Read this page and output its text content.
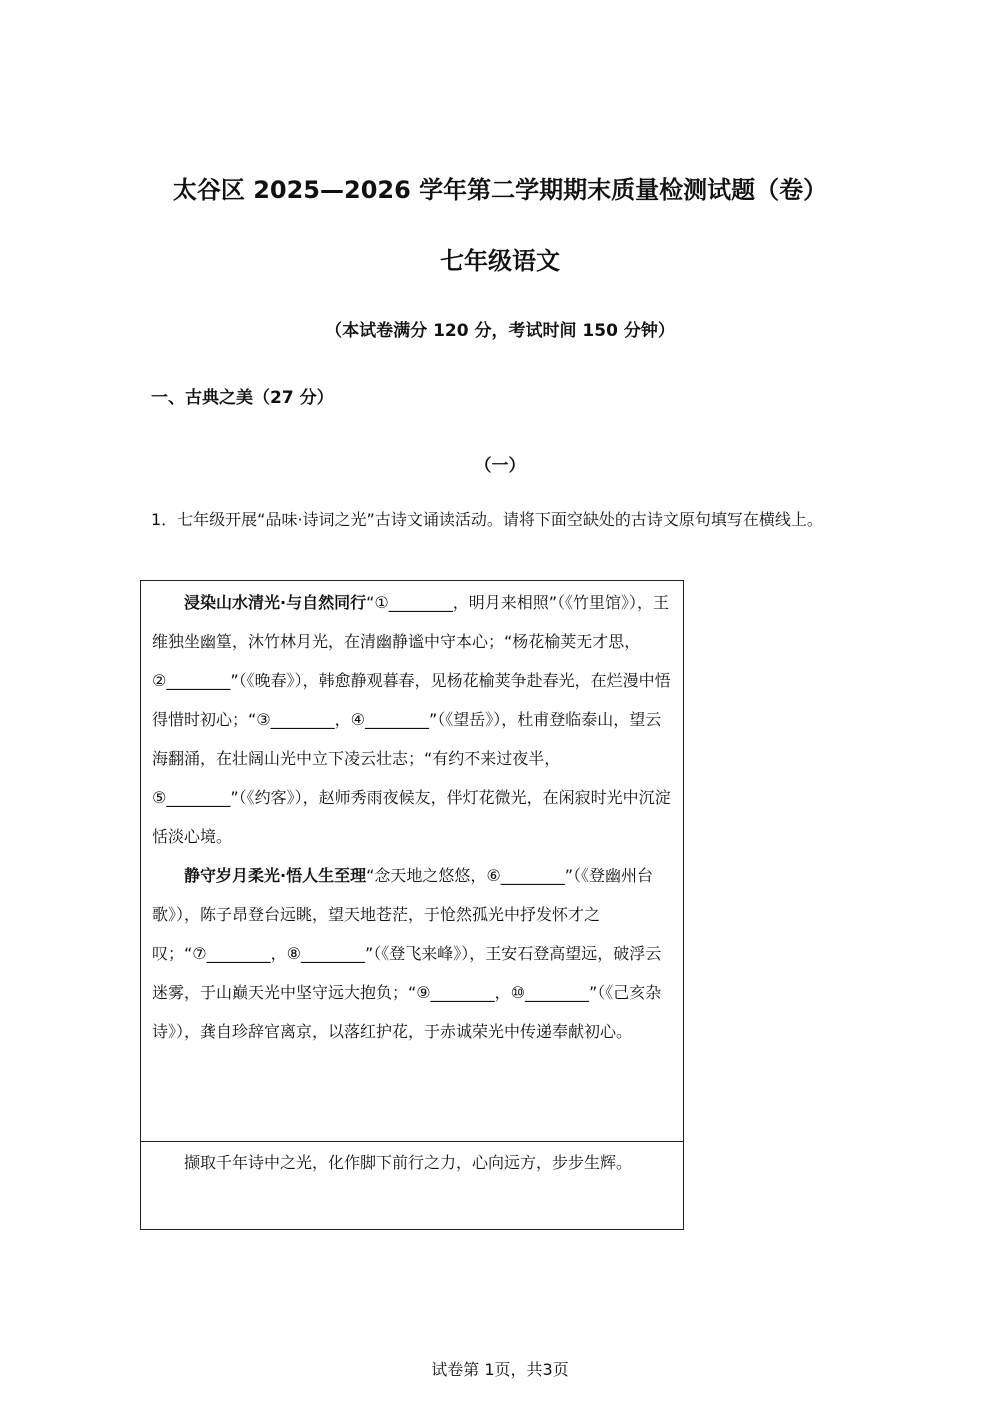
太谷区 2025—2026 学年第二学期期末质量检测试题（卷）
七年级语文
（本试卷满分 120 分，考试时间 150 分钟）
一、古典之美（27 分）
（一）
1．七年级开展“品味·诗词之光”古诗文诵读活动。请将下面空缺处的古诗文原句填写在横线上。

浸染山水清光·与自然同行“①________，明月来相照”（《竹里馆》），王维独坐幽篁，沐竹林月光，在清幽静谧中守本心；“杨花榆荚无才思，②________”（《晚春》），韩愈静观暮春，见杨花榆荚争赴春光，在烂漫中悟得惜时初心；“③________，④________”（《望岳》），杜甫登临泰山，望云海翻涌，在壮阔山光中立下凌云壮志；“有约不来过夜半，⑤________”（《约客》），赵师秀雨夜候友，伴灯花微光，在闲寂时光中沉淀恬淡心境。

静守岁月柔光·悟人生至理“念天地之悠悠，⑥________”（《登幽州台歌》），陈子昂登台远眺，望天地苍茫，于怆然孤光中抒发怀才之叹；“⑦________，⑧________”（《登飞来峰》），王安石登高望远，破浮云迷雾，于山巅天光中坚守远大抱负；“⑨________，⑩________”（《己亥杂诗》），龚自珍辞官离京，以落红护花，于赤诚荣光中传递奉献初心。

撷取千年诗中之光，化作脚下前行之力，心向远方，步步生辉。

试卷第 1页，共3页
